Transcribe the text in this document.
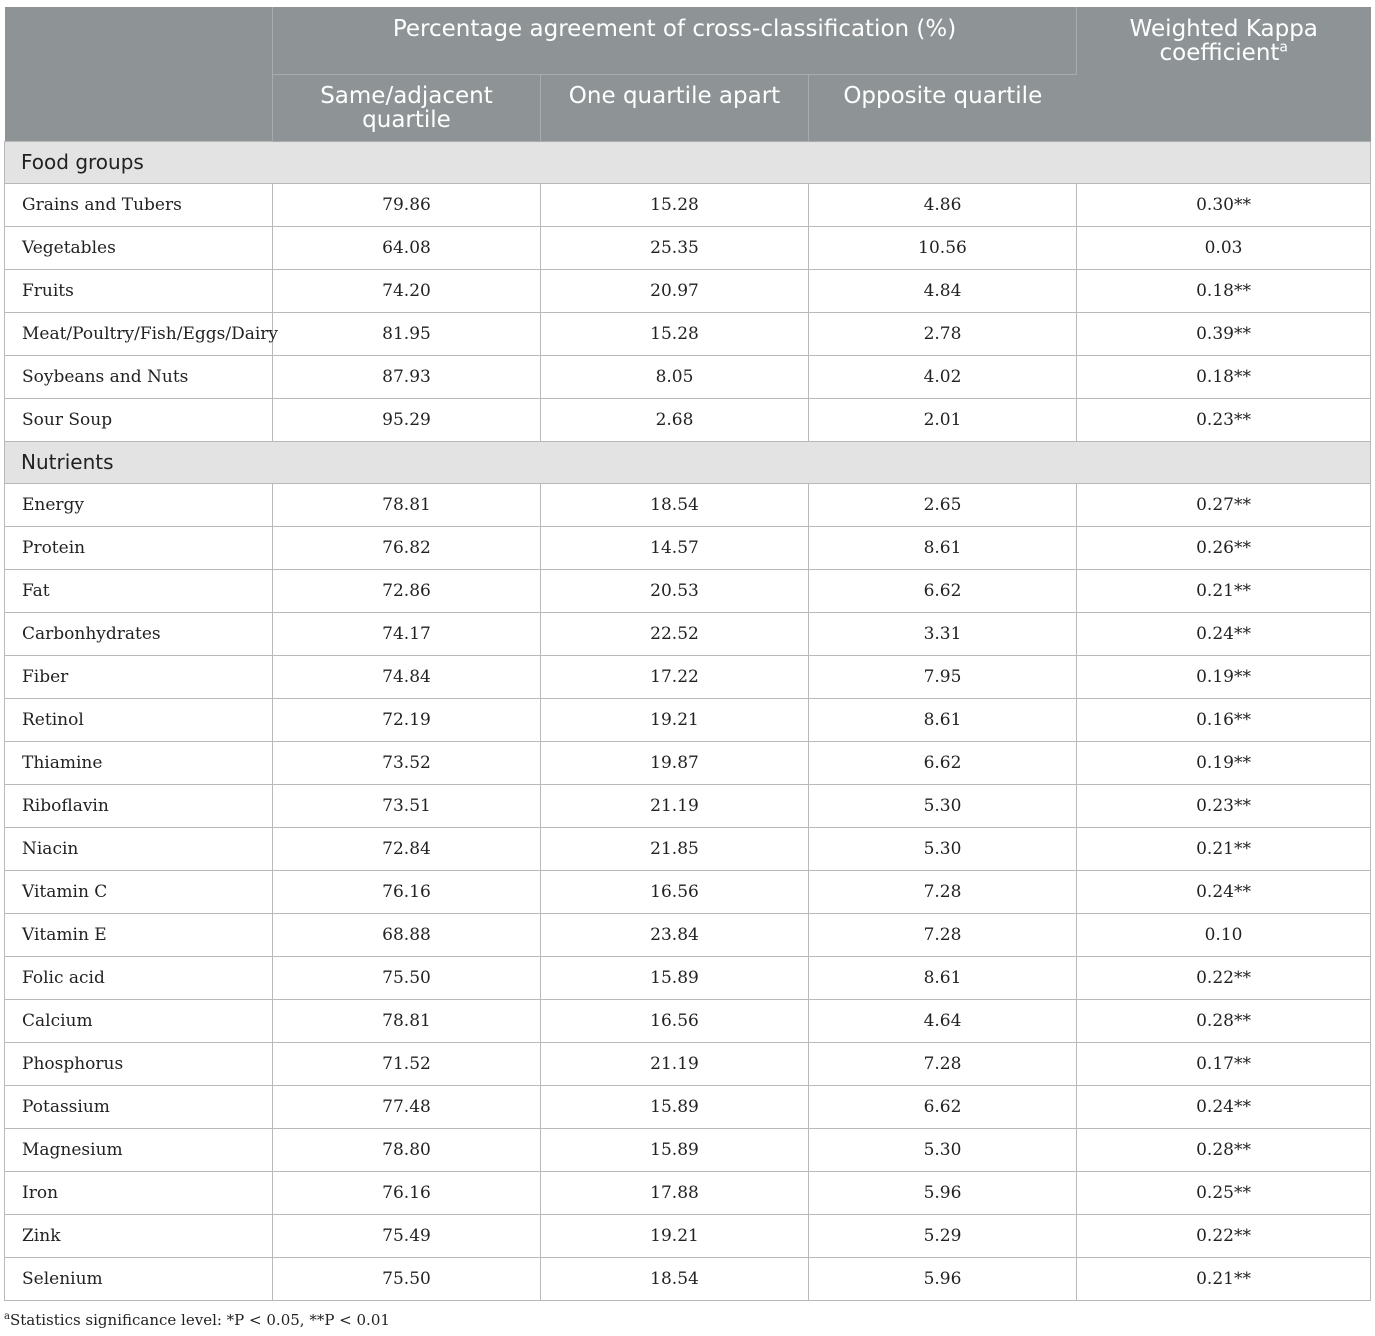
	Percentage agreement of cross-classification (%)			Weighted Kappa coefficient$^a$
	Same/adjacent quartile	One quartile apart	Opposite quartile	
Food groups				
Grains and Tubers	79.86	15.28	4.86	0.30**
Vegetables	64.08	25.35	10.56	0.03
Fruits	74.20	20.97	4.84	0.18**
Meat/Poultry/Fish/Eggs/Dairy	81.95	15.28	2.78	0.39**
Soybeans and Nuts	87.93	8.05	4.02	0.18**
Sour Soup	95.29	2.68	2.01	0.23**
Nutrients				
Energy	78.81	18.54	2.65	0.27**
Protein	76.82	14.57	8.61	0.26**
Fat	72.86	20.53	6.62	0.21**
Carbonhydrates	74.17	22.52	3.31	0.24**
Fiber	74.84	17.22	7.95	0.19**
Retinol	72.19	19.21	8.61	0.16**
Thiamine	73.52	19.87	6.62	0.19**
Riboflavin	73.51	21.19	5.30	0.23**
Niacin	72.84	21.85	5.30	0.21**
Vitamin C	76.16	16.56	7.28	0.24**
Vitamin E	68.88	23.84	7.28	0.10
Folic acid	75.50	15.89	8.61	0.22**
Calcium	78.81	16.56	4.64	0.28**
Phosphorus	71.52	21.19	7.28	0.17**
Potassium	77.48	15.89	6.62	0.24**
Magnesium	78.80	15.89	5.30	0.28**
Iron	76.16	17.88	5.96	0.25**
Zink	75.49	19.21	5.29	0.22**
Selenium	75.50	18.54	5.96	0.21**
$^a$Statistics significance level: *P < 0.05, **P < 0.01
